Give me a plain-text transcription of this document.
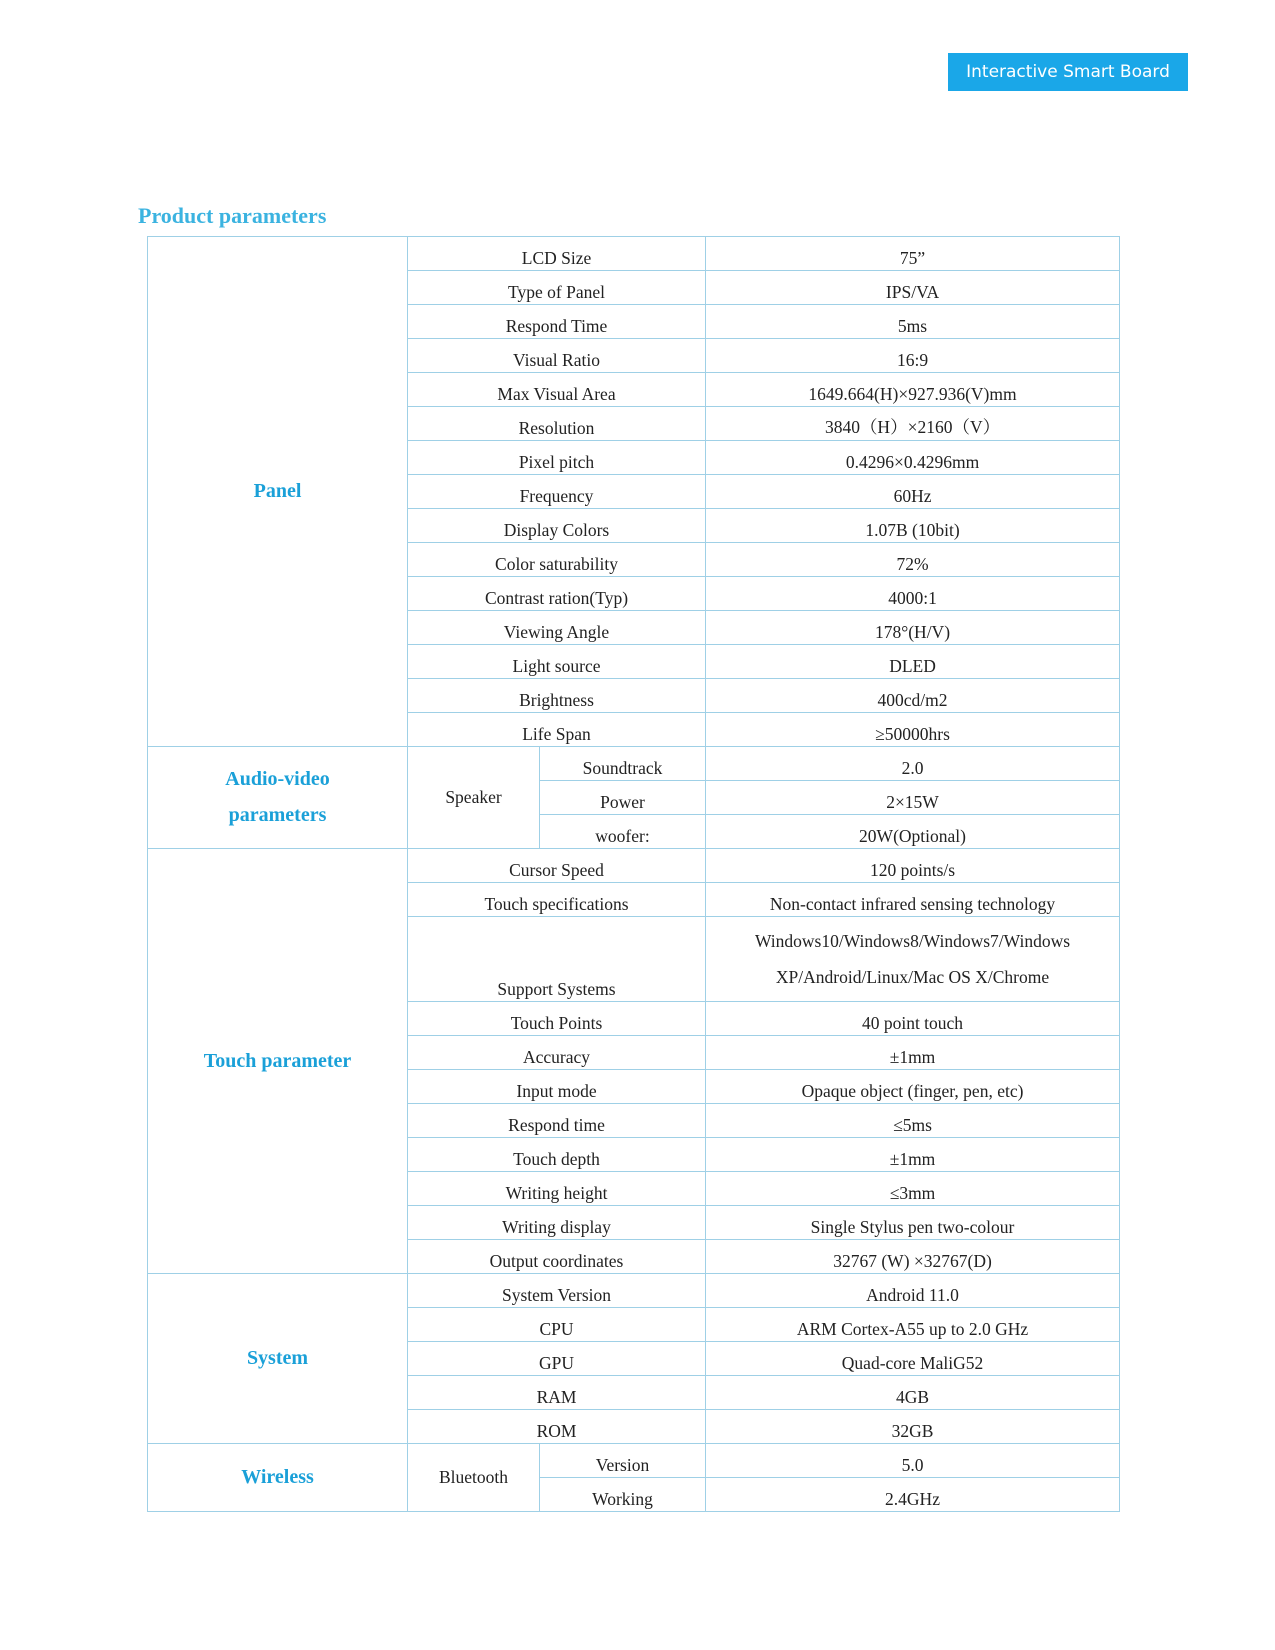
Interactive Smart Board
Product parameters
Panel	LCD Size		75”
	Type of Panel		IPS/VA
	Respond Time		5ms
	Visual Ratio		16:9
	Max Visual Area		1649.664(H)×927.936(V)mm
	Resolution		3840（H）×2160（V）
	Pixel pitch		0.4296×0.4296mm
	Frequency		60Hz
	Display Colors		1.07B (10bit)
	Color saturability		72%
	Contrast ration(Typ)		4000:1
	Viewing Angle		178°(H/V)
	Light source		DLED
	Brightness		400cd/m2
	Life Span		≥50000hrs
Audio-video
parameters	Speaker	Soundtrack	2.0
		Power	2×15W
		woofer:	20W(Optional)
Touch parameter	Cursor Speed		120 points/s
	Touch specifications		Non-contact infrared sensing technology
	Support Systems		Windows10/Windows8/Windows7/Windows
XP/Android/Linux/Mac OS X/Chrome
	Touch Points		40 point touch
	Accuracy		±1mm
	Input mode		Opaque object (finger, pen, etc)
	Respond time		≤5ms
	Touch depth		±1mm
	Writing height		≤3mm
	Writing display		Single Stylus pen two-colour
	Output coordinates		32767 (W) ×32767(D)
System	System Version		Android 11.0
	CPU		ARM Cortex-A55 up to 2.0 GHz
	GPU		Quad-core MaliG52
	RAM		4GB
	ROM		32GB
Wireless	Bluetooth	Version	5.0
		Working	2.4GHz
